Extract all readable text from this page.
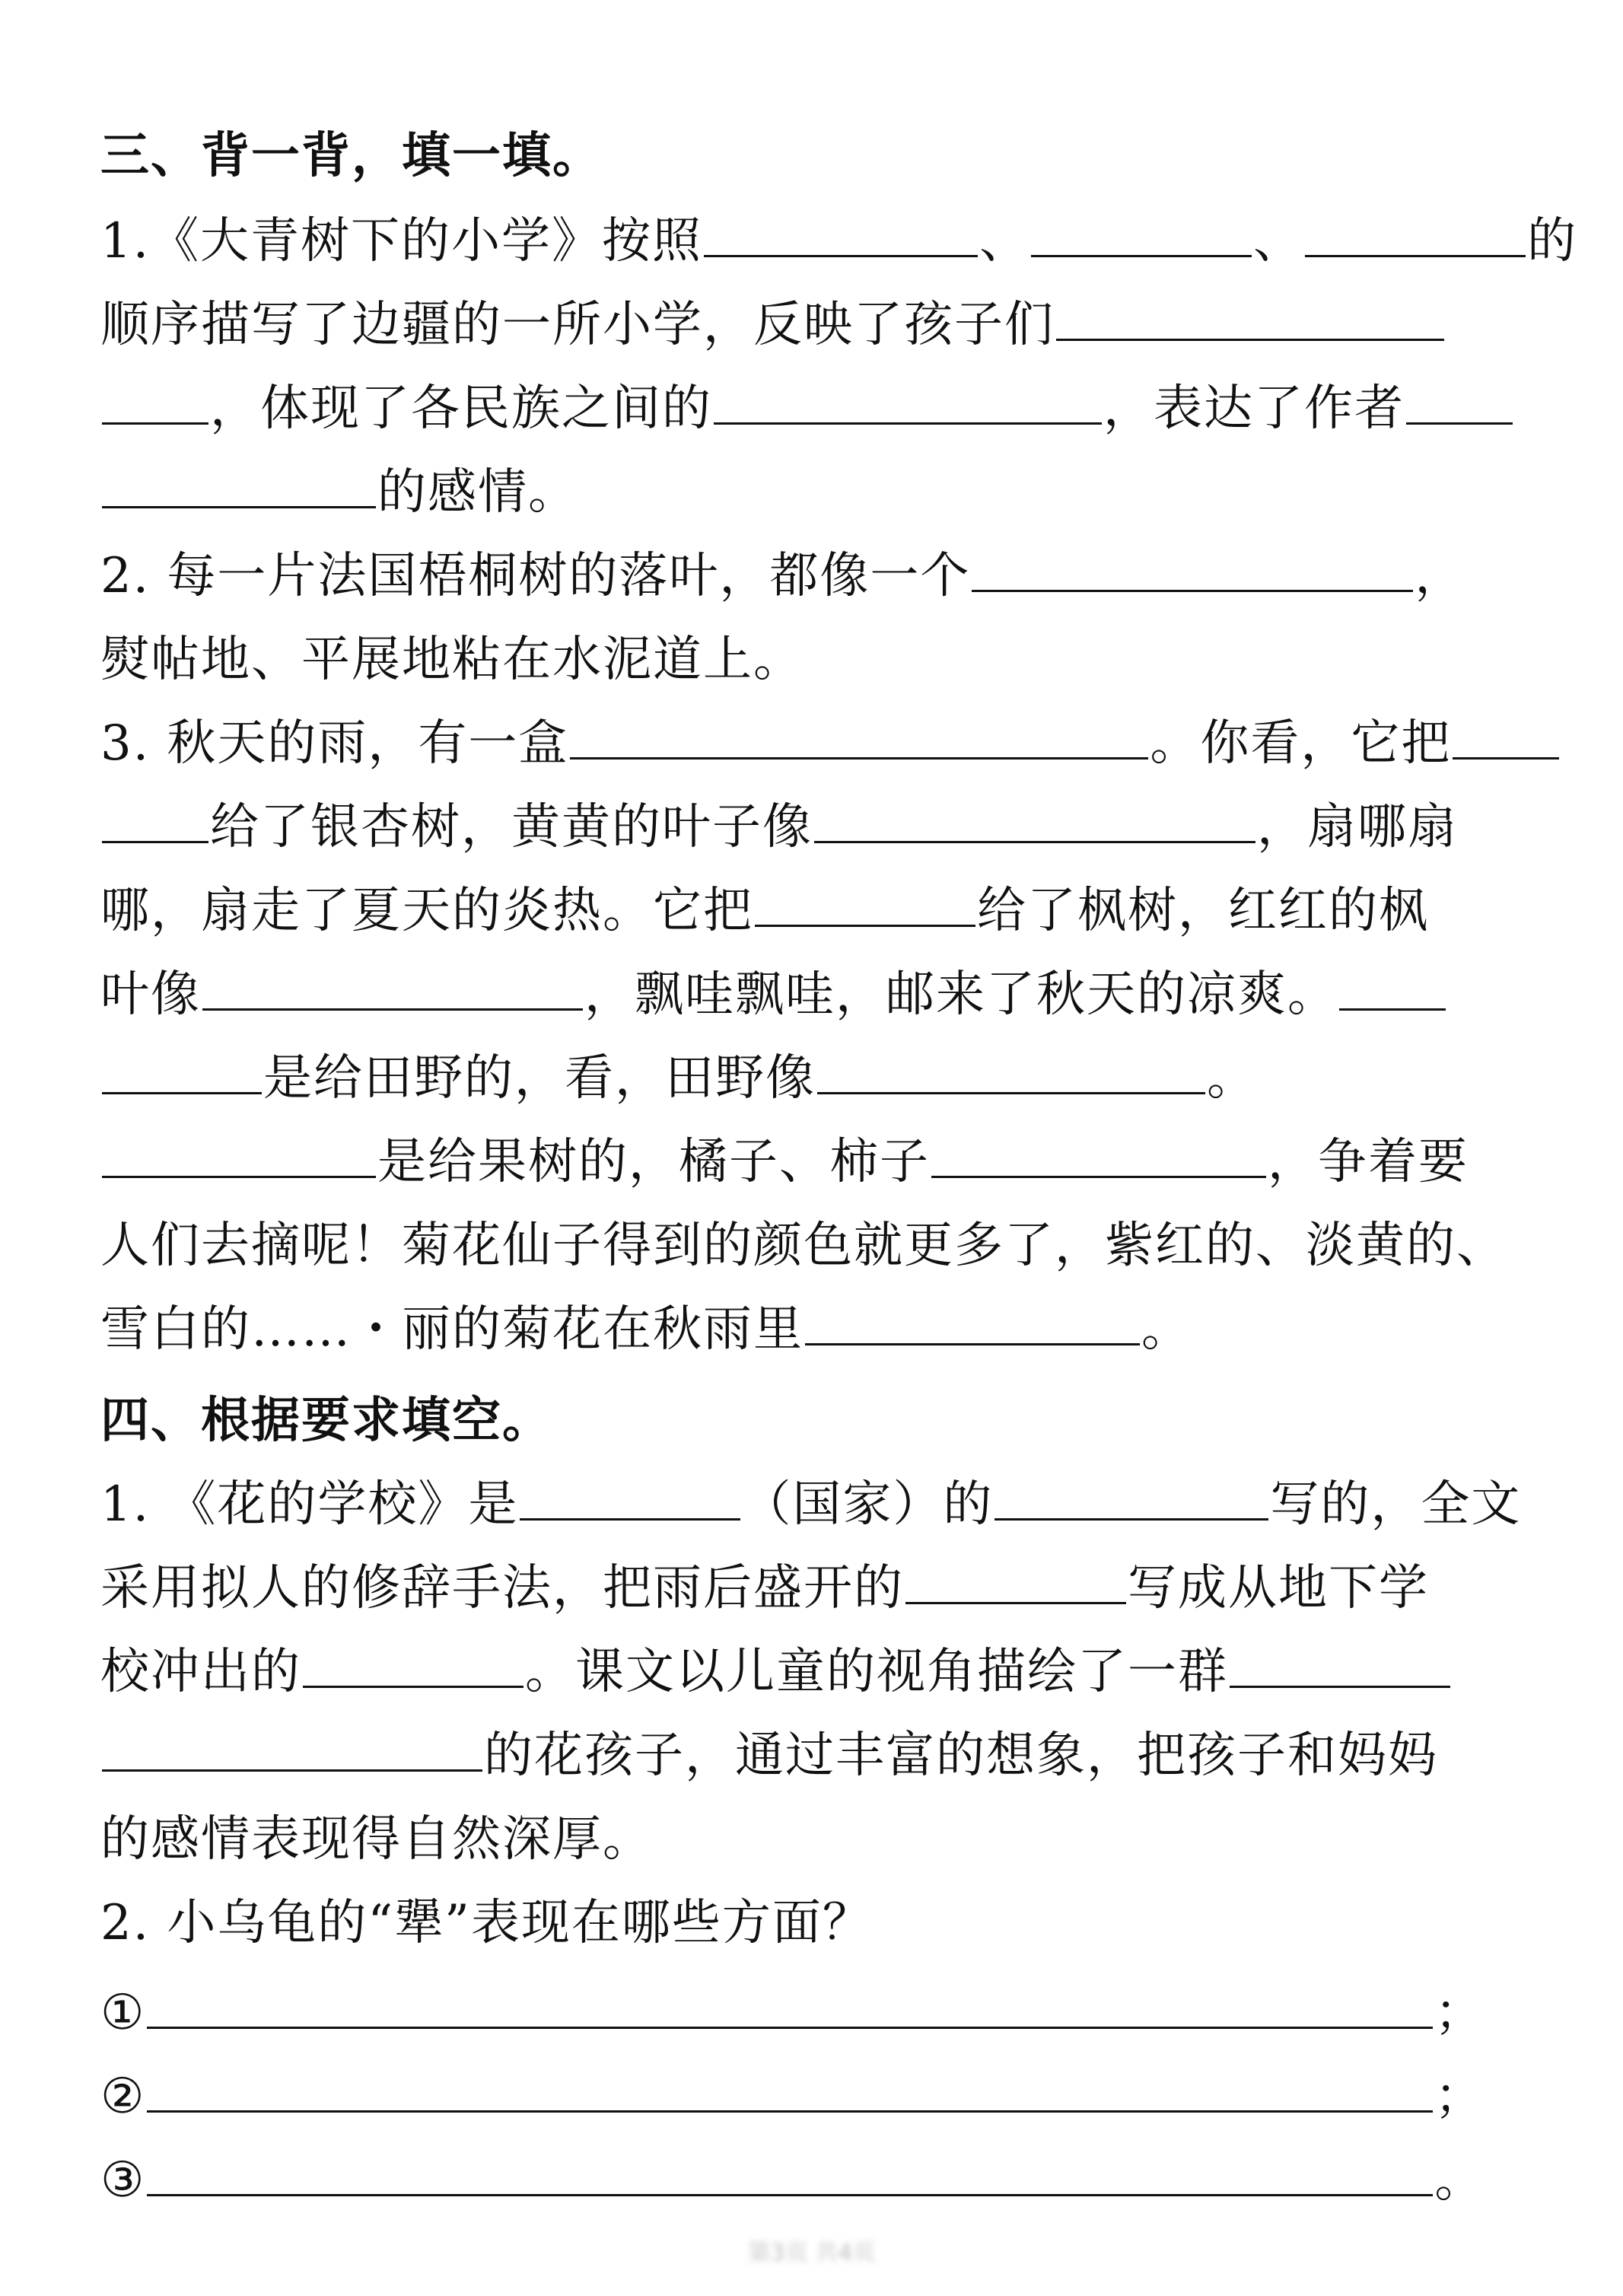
三、背一背，填一填。
1.《大青树下的小学》按照	、	、	的
顺序描写了边疆的一所小学，反映了孩子们
，体现了各民族之间的	，表达了作者
的感情。
2. 每一片法国梧桐树的落叶，都像一个	，
熨帖地、平展地粘在水泥道上。
3. 秋天的雨，有一盒	。你看，它把
给了银杏树，黄黄的叶子像	，扇哪扇
哪，扇走了夏天的炎热。它把	给了枫树，红红的枫
叶像	，飘哇飘哇，邮来了秋天的凉爽。
是给田野的，看，田野像	。
是给果树的，橘子、柿子	，争着要
人们去摘呢！菊花仙子得到的颜色就更多了，紫红的、淡黄的、
雪白的……・丽的菊花在秋雨里	。
四、根据要求填空。
1. 《花的学校》是	（国家）的	写的，全文
采用拟人的修辞手法，把雨后盛开的	写成从地下学
校冲出的	。课文以儿童的视角描绘了一群
的花孩子，通过丰富的想象，把孩子和妈妈
的感情表现得自然深厚。
2. 小乌龟的“犟”表现在哪些方面？
①	；
②	；
③	。
第3页 共4页
